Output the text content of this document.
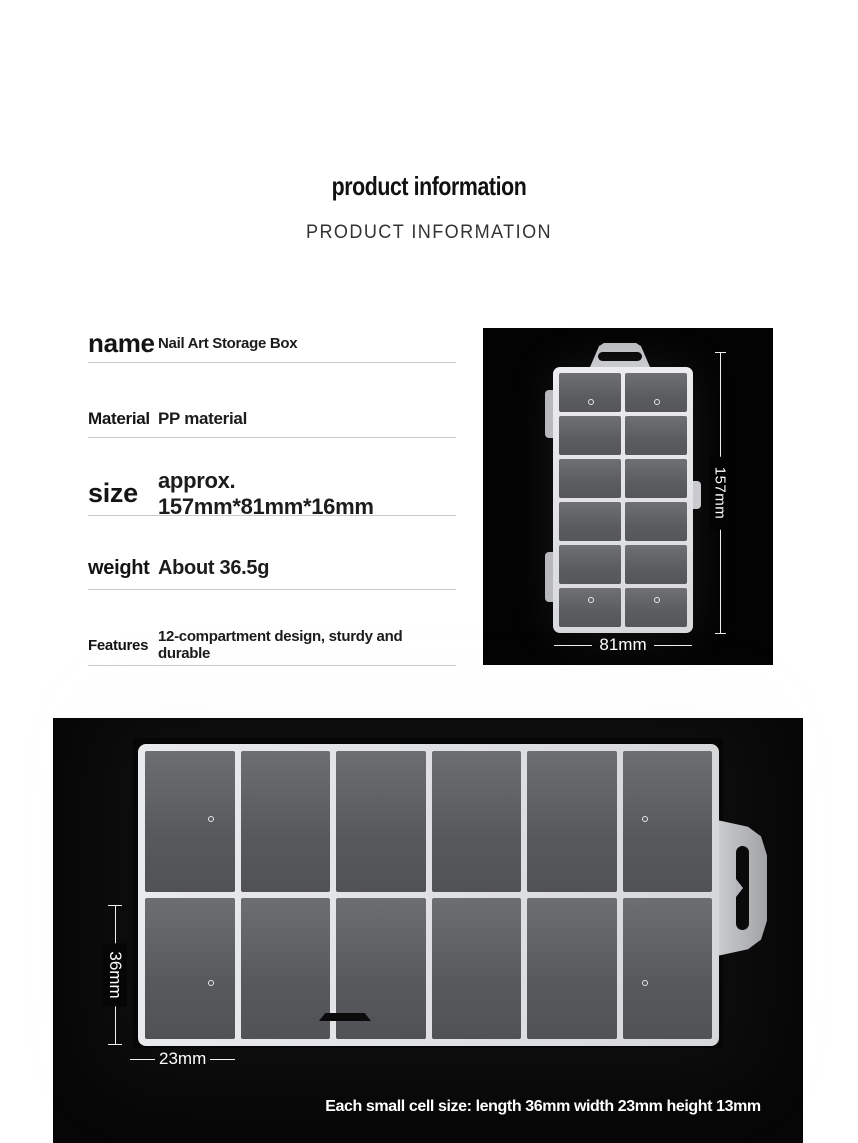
product information
PRODUCT INFORMATION
name Nail Art Storage Box
Material PP material
size approx. 157mm*81mm*16mm
weight About 36.5g
Features 12-compartment design, sturdy and durable
157mm
81mm
36mm
23mm
Each small cell size: length 36mm width 23mm height 13mm
